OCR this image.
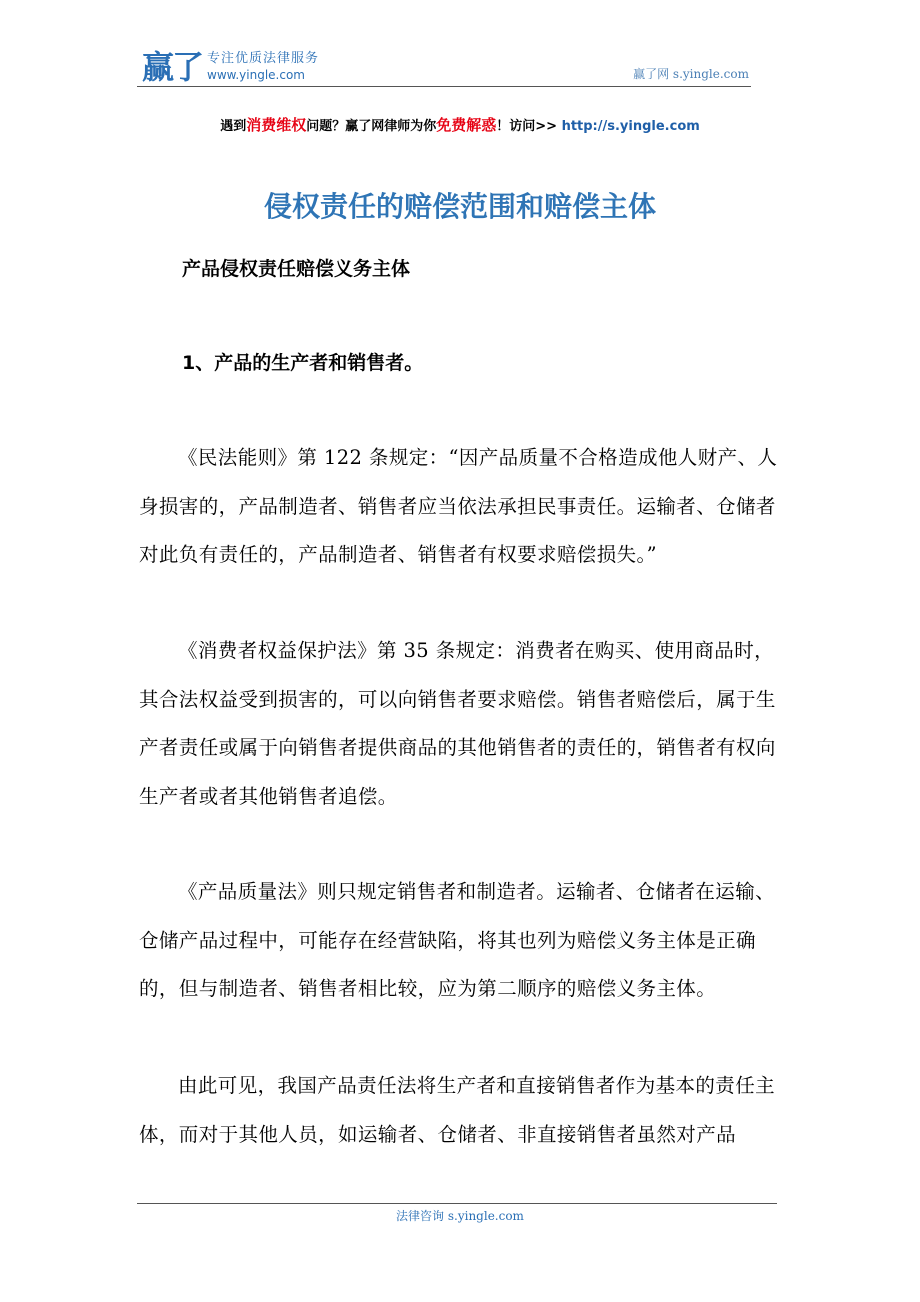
赢了 专注优质法律服务
www.yingle.com	赢了网 s.yingle.com
遇到消费维权问题？赢了网律师为你免费解惑！访问>> http://s.yingle.com
侵权责任的赔偿范围和赔偿主体
产品侵权责任赔偿义务主体
1、产品的生产者和销售者。

《民法能则》第 122 条规定：“因产品质量不合格造成他人财产、人身损害的，产品制造者、销售者应当依法承担民事责任。运输者、仓储者对此负有责任的，产品制造者、销售者有权要求赔偿损失。”

《消费者权益保护法》第 35 条规定：消费者在购买、使用商品时，其合法权益受到损害的，可以向销售者要求赔偿。销售者赔偿后，属于生产者责任或属于向销售者提供商品的其他销售者的责任的，销售者有权向生产者或者其他销售者追偿。

《产品质量法》则只规定销售者和制造者。运输者、仓储者在运输、仓储产品过程中，可能存在经营缺陷，将其也列为赔偿义务主体是正确的，但与制造者、销售者相比较，应为第二顺序的赔偿义务主体。

由此可见，我国产品责任法将生产者和直接销售者作为基本的责任主体，而对于其他人员，如运输者、仓储者、非直接销售者虽然对产品

法律咨询 s.yingle.com
